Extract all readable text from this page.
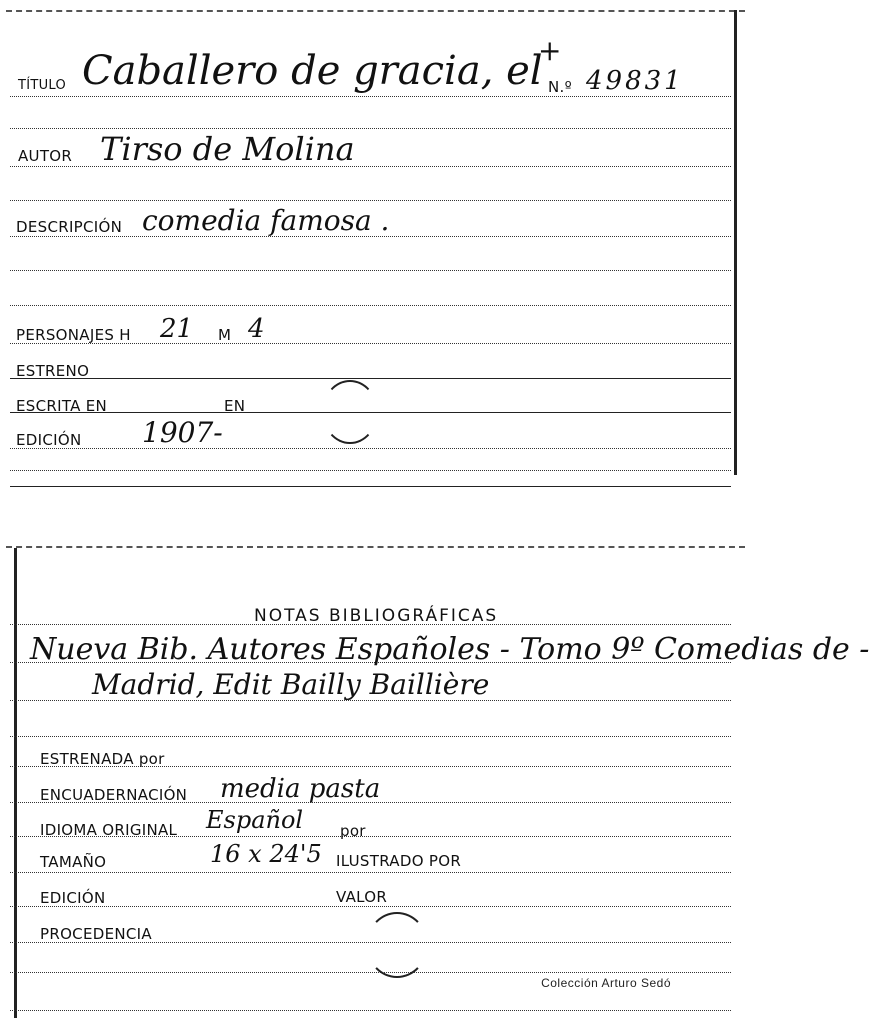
TÍTULO Caballero de gracia, el
+
N.º 49831
AUTOR Tirso de Molina
DESCRIPCIÓN comedia famosa .
PERSONAJES H 21 M 4
ESTRENO
ESCRITA EN	EN
EDICIÓN 1907-
NOTAS BIBLIOGRÁFICAS
Nueva Bib. Autores Españoles - Tomo 9º Comedias de -
Madrid, Edit Bailly Baillière
ESTRENADA por
ENCUADERNACIÓN media pasta
IDIOMA ORIGINAL Español por
TAMAÑO	16 x 24'5 ILUSTRADO POR
EDICIÓN	VALOR
PROCEDENCIA
Colección Arturo Sedó
